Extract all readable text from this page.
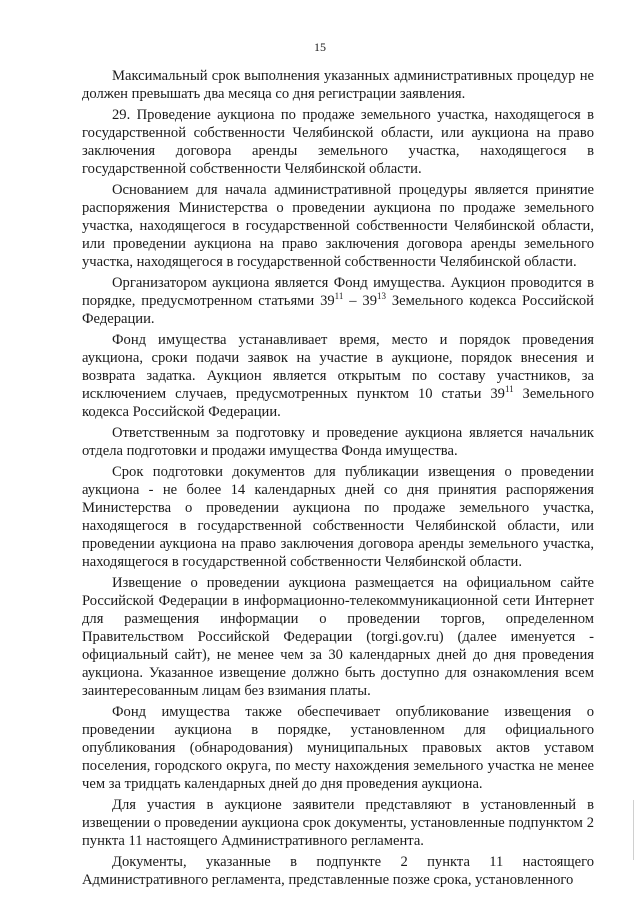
15

Максимальный срок выполнения указанных административных процедур не должен превышать два месяца со дня регистрации заявления.

29. Проведение аукциона по продаже земельного участка, находящегося в государственной собственности Челябинской области, или аукциона на право заключения договора аренды земельного участка, находящегося в государственной собственности Челябинской области.

Основанием для начала административной процедуры является принятие распоряжения Министерства о проведении аукциона по продаже земельного участка, находящегося в государственной собственности Челябинской области, или проведении аукциона на право заключения договора аренды земельного участка, находящегося в государственной собственности Челябинской области.

Организатором аукциона является Фонд имущества. Аукцион проводится в порядке, предусмотренном статьями $39^{11} - 39^{13}$ Земельного кодекса Российской Федерации.

Фонд имущества устанавливает время, место и порядок проведения аукциона, сроки подачи заявок на участие в аукционе, порядок внесения и возврата задатка. Аукцион является открытым по составу участников, за исключением случаев, предусмотренных пунктом 10 статьи $39^{11}$ Земельного кодекса Российской Федерации.

Ответственным за подготовку и проведение аукциона является начальник отдела подготовки и продажи имущества Фонда имущества.

Срок подготовки документов для публикации извещения о проведении аукциона - не более 14 календарных дней со дня принятия распоряжения Министерства о проведении аукциона по продаже земельного участка, находящегося в государственной собственности Челябинской области, или проведении аукциона на право заключения договора аренды земельного участка, находящегося в государственной собственности Челябинской области.

Извещение о проведении аукциона размещается на официальном сайте Российской Федерации в информационно-телекоммуникационной сети Интернет для размещения информации о проведении торгов, определенном Правительством Российской Федерации (torgi.gov.ru) (далее именуется - официальный сайт), не менее чем за 30 календарных дней до дня проведения аукциона. Указанное извещение должно быть доступно для ознакомления всем заинтересованным лицам без взимания платы.

Фонд имущества также обеспечивает опубликование извещения о проведении аукциона в порядке, установленном для официального опубликования (обнародования) муниципальных правовых актов уставом поселения, городского округа, по месту нахождения земельного участка не менее чем за тридцать календарных дней до дня проведения аукциона.

Для участия в аукционе заявители представляют в установленный в извещении о проведении аукциона срок документы, установленные подпунктом 2 пункта 11 настоящего Административного регламента.

Документы, указанные в подпункте 2 пункта 11 настоящего Административного регламента, представленные позже срока, установленного
